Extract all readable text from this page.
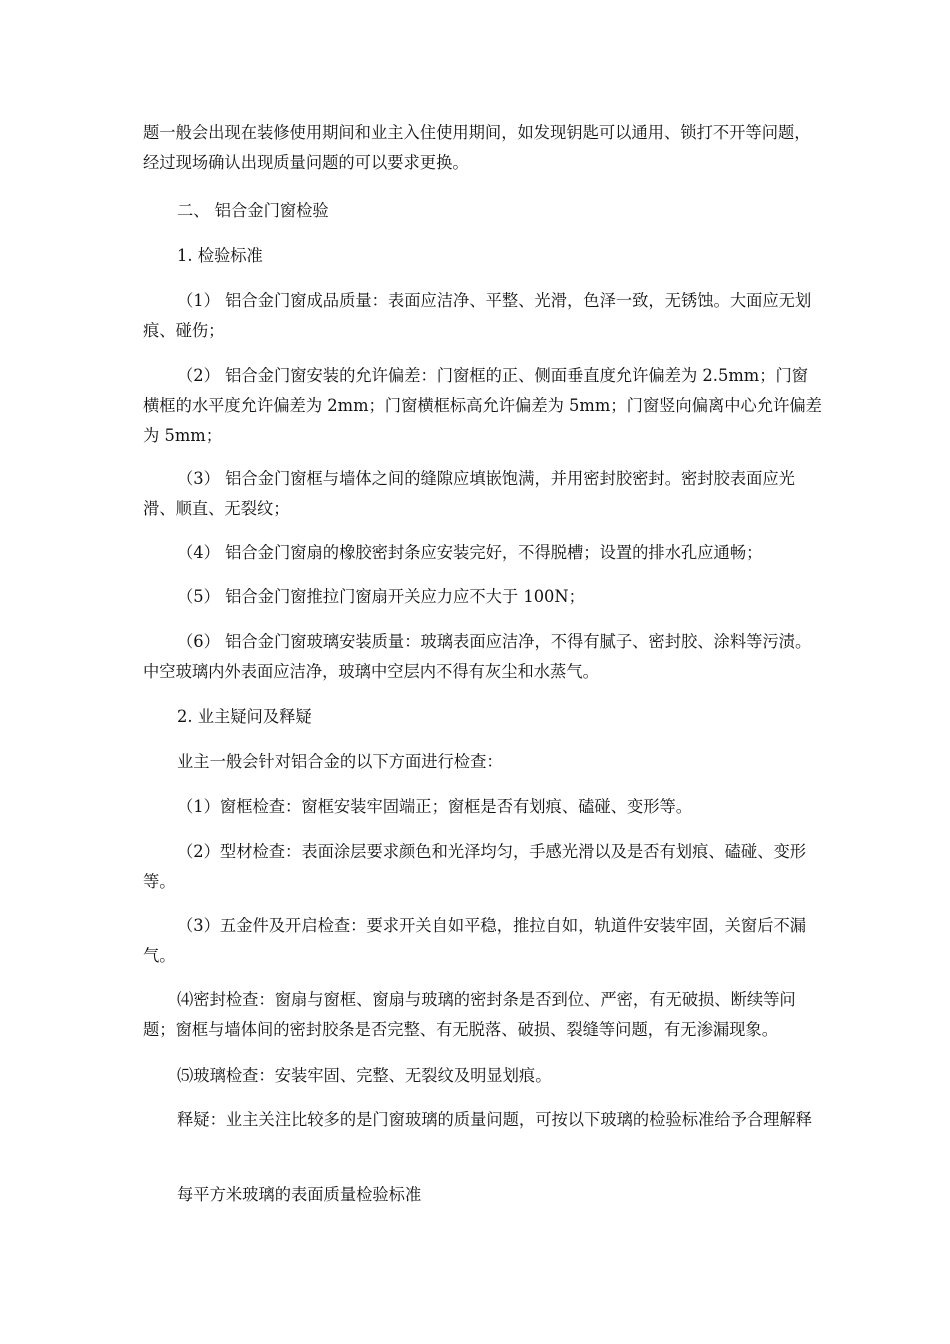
题一般会出现在装修使用期间和业主入住使用期间，如发现钥匙可以通用、锁打不开等问题，经过现场确认出现质量问题的可以要求更换。

二、 铝合金门窗检验

1. 检验标准

（1） 铝合金门窗成品质量：表面应洁净、平整、光滑，色泽一致，无锈蚀。大面应无划痕、碰伤；

（2） 铝合金门窗安装的允许偏差：门窗框的正、侧面垂直度允许偏差为 2.5mm；门窗横框的水平度允许偏差为 2mm；门窗横框标高允许偏差为 5mm；门窗竖向偏离中心允许偏差为 5mm；

（3） 铝合金门窗框与墙体之间的缝隙应填嵌饱满，并用密封胶密封。密封胶表面应光滑、顺直、无裂纹；

（4） 铝合金门窗扇的橡胶密封条应安装完好，不得脱槽；设置的排水孔应通畅；

（5） 铝合金门窗推拉门窗扇开关应力应不大于 100N；

（6） 铝合金门窗玻璃安装质量：玻璃表面应洁净，不得有腻子、密封胶、涂料等污渍。中空玻璃内外表面应洁净，玻璃中空层内不得有灰尘和水蒸气。

2. 业主疑问及释疑

业主一般会针对铝合金的以下方面进行检查：

（1）窗框检查：窗框安装牢固端正；窗框是否有划痕、磕碰、变形等。

（2）型材检查：表面涂层要求颜色和光泽均匀，手感光滑以及是否有划痕、磕碰、变形等。

（3）五金件及开启检查：要求开关自如平稳，推拉自如，轨道件安装牢固，关窗后不漏气。

⑷密封检查：窗扇与窗框、窗扇与玻璃的密封条是否到位、严密，有无破损、断续等问题；窗框与墙体间的密封胶条是否完整、有无脱落、破损、裂缝等问题，有无渗漏现象。

⑸玻璃检查：安装牢固、完整、无裂纹及明显划痕。

释疑：业主关注比较多的是门窗玻璃的质量问题，可按以下玻璃的检验标准给予合理解释

每平方米玻璃的表面质量检验标准
